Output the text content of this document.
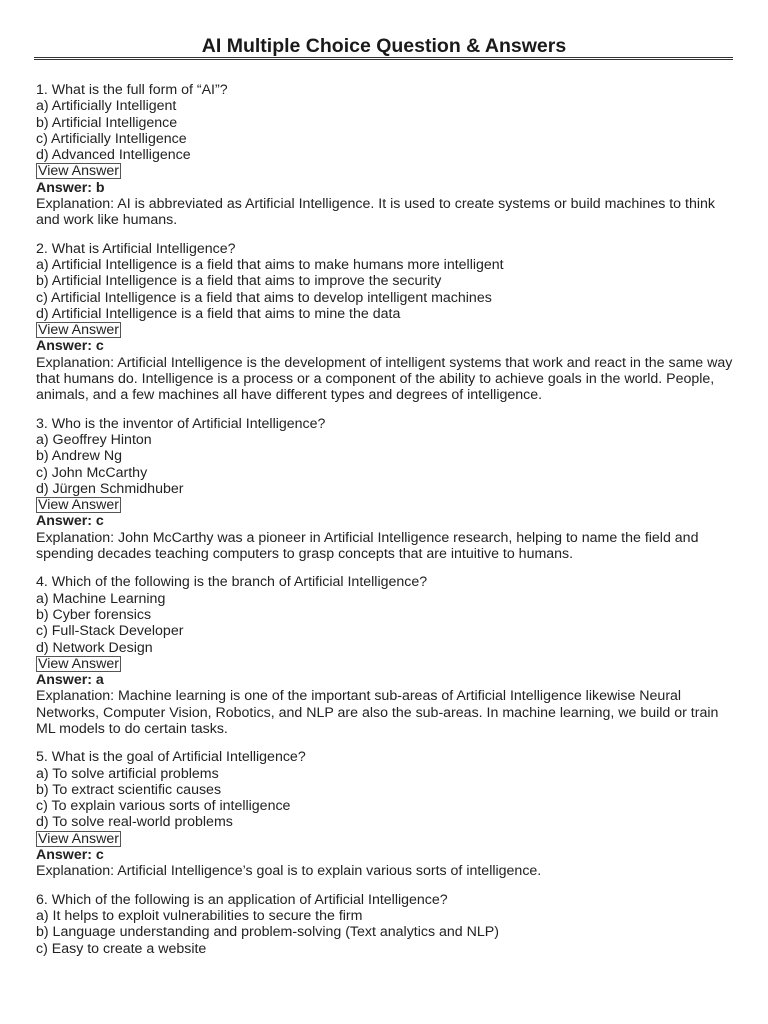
AI Multiple Choice Question & Answers
1. What is the full form of “AI”?
a) Artificially Intelligent
b) Artificial Intelligence
c) Artificially Intelligence
d) Advanced Intelligence
View Answer
Answer: b
Explanation: AI is abbreviated as Artificial Intelligence. It is used to create systems or build machines to think and work like humans.
2. What is Artificial Intelligence?
a) Artificial Intelligence is a field that aims to make humans more intelligent
b) Artificial Intelligence is a field that aims to improve the security
c) Artificial Intelligence is a field that aims to develop intelligent machines
d) Artificial Intelligence is a field that aims to mine the data
View Answer
Answer: c
Explanation: Artificial Intelligence is the development of intelligent systems that work and react in the same way that humans do. Intelligence is a process or a component of the ability to achieve goals in the world. People, animals, and a few machines all have different types and degrees of intelligence.
3. Who is the inventor of Artificial Intelligence?
a) Geoffrey Hinton
b) Andrew Ng
c) John McCarthy
d) Jürgen Schmidhuber
View Answer
Answer: c
Explanation: John McCarthy was a pioneer in Artificial Intelligence research, helping to name the field and spending decades teaching computers to grasp concepts that are intuitive to humans.
4. Which of the following is the branch of Artificial Intelligence?
a) Machine Learning
b) Cyber forensics
c) Full-Stack Developer
d) Network Design
View Answer
Answer: a
Explanation: Machine learning is one of the important sub-areas of Artificial Intelligence likewise Neural Networks, Computer Vision, Robotics, and NLP are also the sub-areas. In machine learning, we build or train ML models to do certain tasks.
5. What is the goal of Artificial Intelligence?
a) To solve artificial problems
b) To extract scientific causes
c) To explain various sorts of intelligence
d) To solve real-world problems
View Answer
Answer: c
Explanation: Artificial Intelligence’s goal is to explain various sorts of intelligence.
6. Which of the following is an application of Artificial Intelligence?
a) It helps to exploit vulnerabilities to secure the firm
b) Language understanding and problem-solving (Text analytics and NLP)
c) Easy to create a website
